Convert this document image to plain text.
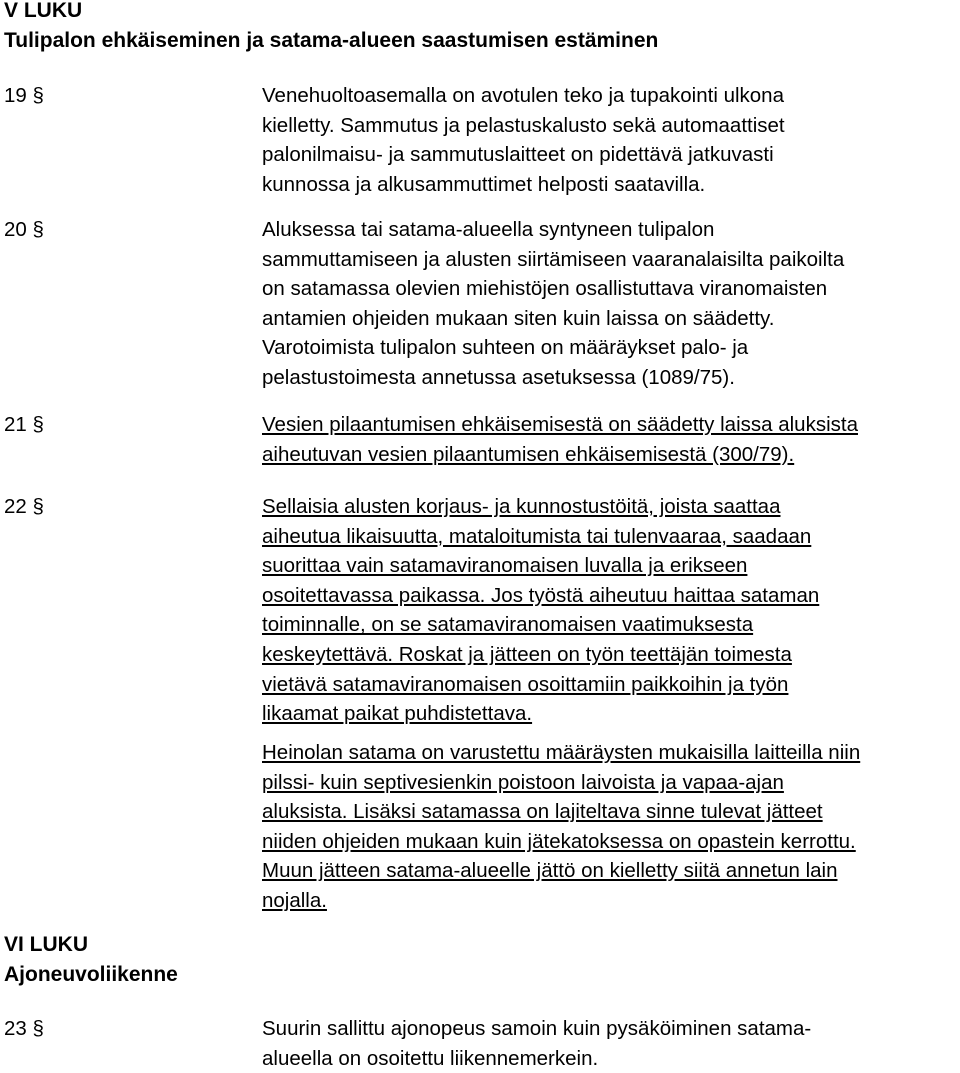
V LUKU
Tulipalon ehkäiseminen ja satama-alueen saastumisen estäminen
19 §	Venehuoltoasemalla on avotulen teko ja tupakointi ulkona
kielletty. Sammutus ja pelastuskalusto sekä automaattiset
palonilmaisu- ja sammutuslaitteet on pidettävä jatkuvasti
kunnossa ja alkusammuttimet helposti saatavilla.
20 §	Aluksessa tai satama-alueella syntyneen tulipalon
sammuttamiseen ja alusten siirtämiseen vaaranalaisilta paikoilta
on satamassa olevien miehistöjen osallistuttava viranomaisten
antamien ohjeiden mukaan siten kuin laissa on säädetty.
Varotoimista tulipalon suhteen on määräykset palo- ja
pelastustoimesta annetussa asetuksessa (1089/75).
21 §	Vesien pilaantumisen ehkäisemisestä on säädetty laissa aluksista
aiheutuvan vesien pilaantumisen ehkäisemisestä (300/79).
22 §	Sellaisia alusten korjaus- ja kunnostustöitä, joista saattaa
aiheutua likaisuutta, mataloitumista tai tulenvaaraa, saadaan
suorittaa vain satamaviranomaisen luvalla ja erikseen
osoitettavassa paikassa. Jos työstä aiheutuu haittaa sataman
toiminnalle, on se satamaviranomaisen vaatimuksesta
keskeytettävä. Roskat ja jätteen on työn teettäjän toimesta
vietävä satamaviranomaisen osoittamiin paikkoihin ja työn
likaamat paikat puhdistettava.
Heinolan satama on varustettu määräysten mukaisilla laitteilla niin
pilssi- kuin septivesienkin poistoon laivoista ja vapaa-ajan
aluksista. Lisäksi satamassa on lajiteltava sinne tulevat jätteet
niiden ohjeiden mukaan kuin jätekatoksessa on opastein kerrottu.
Muun jätteen satama-alueelle jättö on kielletty siitä annetun lain
nojalla.
VI LUKU
Ajoneuvoliikenne
23 §	Suurin sallittu ajonopeus samoin kuin pysäköiminen satama-
alueella on osoitettu liikennemerkein.
